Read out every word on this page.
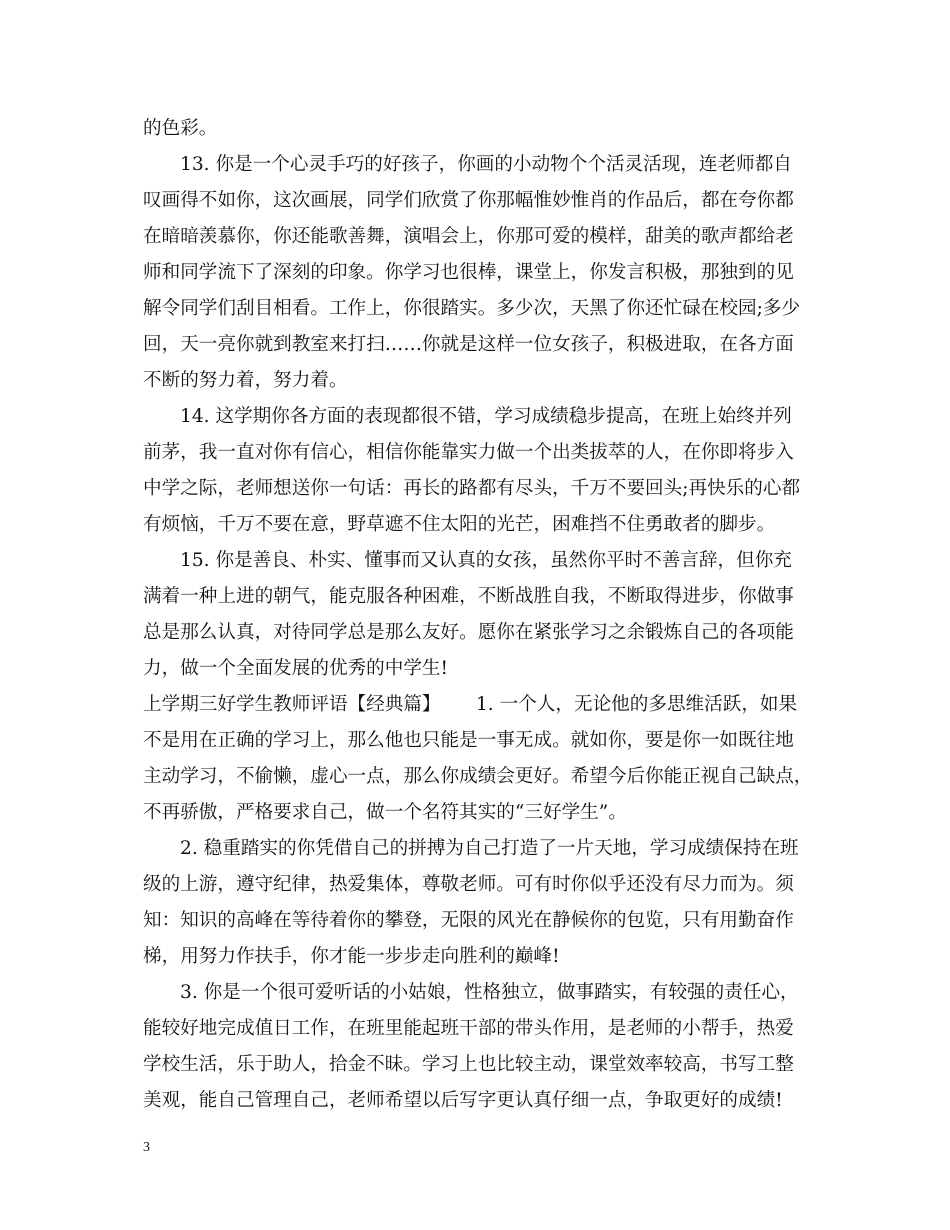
的色彩。
13. 你是一个心灵手巧的好孩子，你画的小动物个个活灵活现，连老师都自
叹画得不如你，这次画展，同学们欣赏了你那幅惟妙惟肖的作品后，都在夸你都
在暗暗羡慕你，你还能歌善舞，演唱会上，你那可爱的模样，甜美的歌声都给老
师和同学流下了深刻的印象。你学习也很棒，课堂上，你发言积极，那独到的见
解令同学们刮目相看。工作上，你很踏实。多少次，天黑了你还忙碌在校园;多少
回，天一亮你就到教室来打扫……你就是这样一位女孩子，积极进取，在各方面
不断的努力着，努力着。
14. 这学期你各方面的表现都很不错，学习成绩稳步提高，在班上始终并列
前茅，我一直对你有信心，相信你能靠实力做一个出类拔萃的人，在你即将步入
中学之际，老师想送你一句话：再长的路都有尽头，千万不要回头;再快乐的心都
有烦恼，千万不要在意，野草遮不住太阳的光芒，困难挡不住勇敢者的脚步。
15. 你是善良、朴实、懂事而又认真的女孩，虽然你平时不善言辞，但你充
满着一种上进的朝气，能克服各种困难，不断战胜自我，不断取得进步，你做事
总是那么认真，对待同学总是那么友好。愿你在紧张学习之余锻炼自己的各项能
力，做一个全面发展的优秀的中学生!
上学期三好学生教师评语【经典篇】      1. 一个人，无论他的多思维活跃，如果
不是用在正确的学习上，那么他也只能是一事无成。就如你，要是你一如既往地
主动学习，不偷懒，虚心一点，那么你成绩会更好。希望今后你能正视自己缺点，
不再骄傲，严格要求自己，做一个名符其实的“三好学生”。
2. 稳重踏实的你凭借自己的拼搏为自己打造了一片天地，学习成绩保持在班
级的上游，遵守纪律，热爱集体，尊敬老师。可有时你似乎还没有尽力而为。须
知：知识的高峰在等待着你的攀登，无限的风光在静候你的包览，只有用勤奋作
梯，用努力作扶手，你才能一步步走向胜利的巅峰!
3. 你是一个很可爱听话的小姑娘，性格独立，做事踏实，有较强的责任心，
能较好地完成值日工作，在班里能起班干部的带头作用，是老师的小帮手，热爱
学校生活，乐于助人，拾金不昧。学习上也比较主动，课堂效率较高，书写工整
美观，能自己管理自己，老师希望以后写字更认真仔细一点，争取更好的成绩!
3
